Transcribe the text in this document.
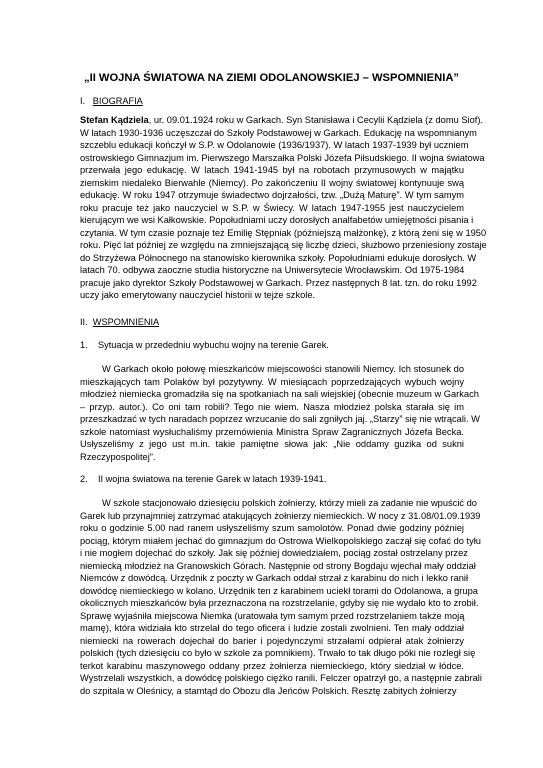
„II WOJNA ŚWIATOWA NA ZIEMI ODOLANOWSKIEJ – WSPOMNIENIA”
I. BIOGRAFIA
Stefan Kądziela, ur. 09.01.1924 roku w Garkach. Syn Stanisława i Cecylii Kądziela (z domu Siof).
W latach 1930-1936 uczęszczał do Szkoły Podstawowej w Garkach. Edukację na wspomnianym
szczeblu edukacji kończył w S.P. w Odolanowie (1936/1937). W latach 1937-1939 był uczniem
ostrowskiego Gimnazjum im. Pierwszego Marszałka Polski Józefa Piłsudskiego. II wojna światowa
przerwała jego edukację. W latach 1941-1945 był na robotach przymusowych w majątku
ziemskim niedaleko Bierwahle (Niemcy). Po zakończeniu II wojny światowej kontynuuje swą
edukację. W roku 1947 otrzymuje świadectwo dojrzałości, tzw. „Dużą Maturę”. W tym samym
roku pracuje też jako nauczyciel w S.P. w Świecy. W latach 1947-1955 jest nauczycielem
kierującym we wsi Kałkowskie. Popołudniami uczy dorosłych analfabetów umiejętności pisania i
czytania. W tym czasie poznaje też Emilię Stępniak (późniejszą małżonkę), z którą żeni się w 1950
roku. Pięć lat później ze względu na zmniejszającą się liczbę dzieci, służbowo przeniesiony zostaje
do Strzyżewa Północnego na stanowisko kierownika szkoły. Popołudniami edukuje dorosłych. W
latach 70. odbywa zaoczne studia historyczne na Uniwersytecie Wrocławskim. Od 1975-1984
pracuje jako dyrektor Szkoły Podstawowej w Garkach. Przez następnych 8 lat. tzn. do roku 1992
uczy jako emerytowany nauczyciel historii w tejże szkole.
II. WSPOMNIENIA
1. Sytuacja w przededniu wybuchu wojny na terenie Garek.
W Garkach około połowę mieszkańców miejscowości stanowili Niemcy. Ich stosunek do
mieszkających tam Polaków był pozytywny. W miesiącach poprzedzających wybuch wojny
młodzież niemiecka gromadziła się na spotkaniach na sali wiejskiej (obecnie muzeum w Garkach
– przyp. autor.). Co oni tam robili? Tego nie wiem. Nasza młodzież polska starała się im
przeszkadzać w tych naradach poprzez wrzucanie do sali zgniłych jaj. „Starzy” się nie wtrącali. W
szkole natomiast wysłuchaliśmy przemówienia Ministra Spraw Zagranicznych Józefa Becka.
Usłyszeliśmy z jego ust m.in. takie pamiętne słowa jak: „Nie oddamy guzika od sukni
Rzeczypospolitej”.
2. II wojna światowa na terenie Garek w latach 1939-1941.
W szkole stacjonowało dziesięciu polskich żołnierzy, którzy mieli za zadanie nie wpuścić do
Garek lub przynajmniej zatrzymać atakujących żołnierzy niemieckich. W nocy z 31.08/01.09.1939
roku o godzinie 5.00 nad ranem usłyszeliśmy szum samolotów. Ponad dwie godziny później
pociąg, którym miałem jechać do gimnazjum do Ostrowa Wielkopolskiego zaczął się cofać do tyłu
i nie mogłem dojechać do szkoły. Jak się później dowiedziałem, pociąg został ostrzelany przez
niemiecką młodzież na Granowskich Górach. Następnie od strony Bogdaju wjechał mały oddział
Niemców z dowódcą. Urzędnik z poczty w Garkach oddał strzał z karabinu do nich i lekko ranił
dowódcę niemieckiego w kolano. Urzędnik ten z karabinem uciekł torami do Odolanowa, a grupa
okolicznych mieszkańców była przeznaczona na rozstrzelanie, gdyby się nie wydało kto to zrobił.
Sprawę wyjaśniła miejscowa Niemka (uratowała tym samym przed rozstrzelaniem także moją
mamę), która widziała kto strzelał do tego oficera i ludzie zostali zwolnieni. Ten mały oddział
niemiecki na rowerach dojechał do barier i pojedynczymi strzałami odpierał atak żołnierzy
polskich (tych dziesięciu co było w szkole za pomnikiem). Trwało to tak długo póki nie rozległ się
terkot karabinu maszynowego oddany przez żołnierza niemieckiego, który siedział w łódce.
Wystrzelali wszystkich, a dowódcę polskiego ciężko ranili. Felczer opatrzył go, a następnie zabrali
do szpitala w Oleśnicy, a stamtąd do Obozu dla Jeńców Polskich. Resztę zabitych żołnierzy
